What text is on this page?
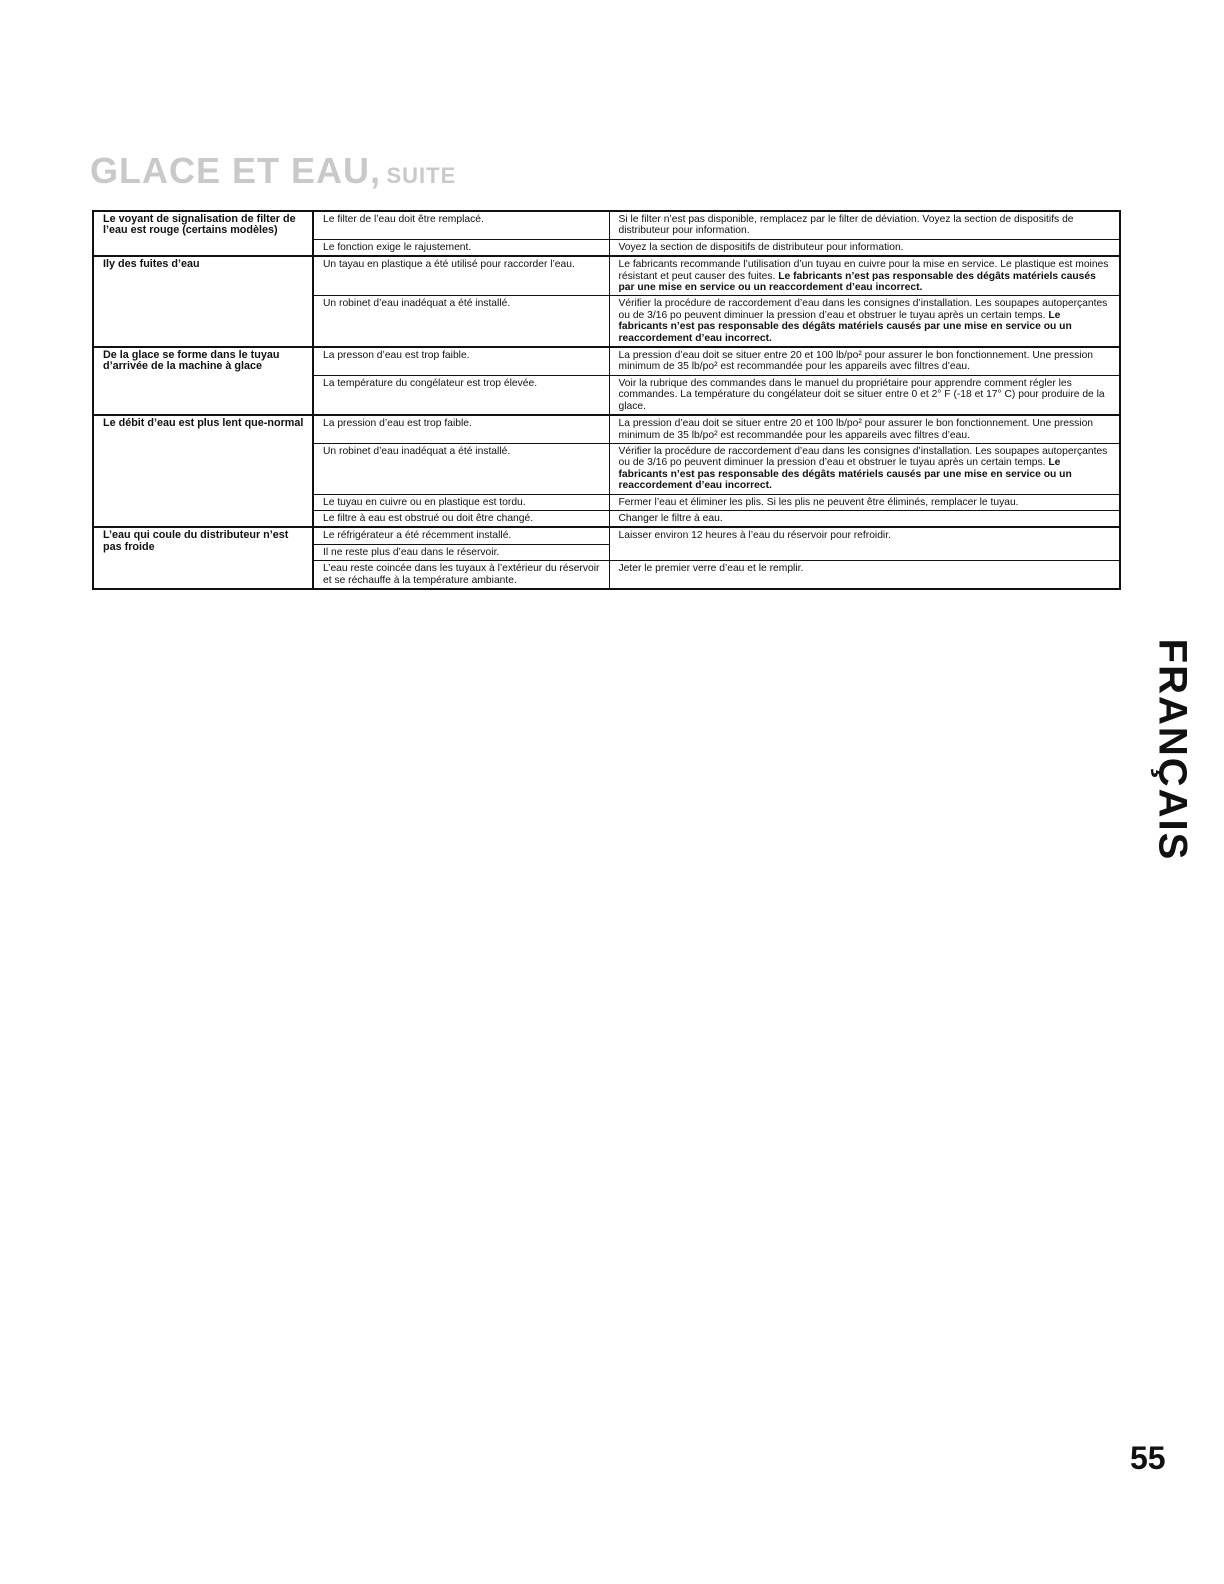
GLACE ET EAU, SUITE
Le voyant de signalisation de filter de l’eau est rouge (certains modèles)	Le filter de l’eau doit être remplacé.	Si le filter n’est pas disponible, remplacez par le filter de déviation. Voyez la section de dispositifs de distributeur pour information.
	Le fonction exige le rajustement.	Voyez la section de dispositifs de distributeur pour information.
Ily des fuites d’eau	Un tayau en plastique a été utilisé pour raccorder l’eau.	Le fabricants recommande l’utilisation d’un tuyau en cuivre pour la mise en service. Le plastique est moines résistant et peut causer des fuites. Le fabricants n’est pas responsable des dégâts matériels causés par une mise en service ou un reaccordement d’eau incorrect.
	Un robinet d’eau inadéquat a été installé.	Vérifier la procédure de raccordement d’eau dans les consignes d’installation. Les soupapes autoperçantes ou de 3/16 po peuvent diminuer la pression d’eau et obstruer le tuyau après un certain temps. Le fabricants n’est pas responsable des dégâts matériels causés par une mise en service ou un reaccordement d’eau incorrect.
De la glace se forme dans le tuyau d’arrivée de la machine à glace	La presson d’eau est trop faible.	La pression d’eau doit se situer entre 20 et 100 lb/po² pour assurer le bon fonctionnement. Une pression minimum de 35 lb/po² est recommandée pour les appareils avec filtres d’eau.
	La température du congélateur est trop élevée.	Voir la rubrique des commandes dans le manuel du propriétaire pour apprendre comment régler les commandes. La température du congélateur doit se situer entre 0 et 2° F (-18 et 17° C) pour produire de la glace.
Le débit d’eau est plus lent que-normal	La pression d’eau est trop faible.	La pression d’eau doit se situer entre 20 et 100 lb/po² pour assurer le bon fonctionnement. Une pression minimum de 35 lb/po² est recommandée pour les appareils avec filtres d’eau.
	Un robinet d’eau inadéquat a été installé.	Vérifier la procédure de raccordement d’eau dans les consignes d’installation. Les soupapes autoperçantes ou de 3/16 po peuvent diminuer la pression d’eau et obstruer le tuyau après un certain temps. Le fabricants n’est pas responsable des dégâts matériels causés par une mise en service ou un reaccordement d’eau incorrect.
	Le tuyau en cuivre ou en plastique est tordu.	Fermer l’eau et éliminer les plis. Si les plis ne peuvent être éliminés, remplacer le tuyau.
	Le filtre à eau est obstrué ou doit être changé.	Changer le filtre à eau.
L’eau qui coule du distributeur n’est pas froide	Le réfrigérateur a été récemment installé.	Laisser environ 12 heures à l’eau du réservoir pour refroidir.
	Il ne reste plus d’eau dans le réservoir.	
	L’eau reste coincée dans les tuyaux à l’extérieur du réservoir et se réchauffe à la température ambiante.	Jeter le premier verre d’eau et le remplir.
FRANÇAIS
55
